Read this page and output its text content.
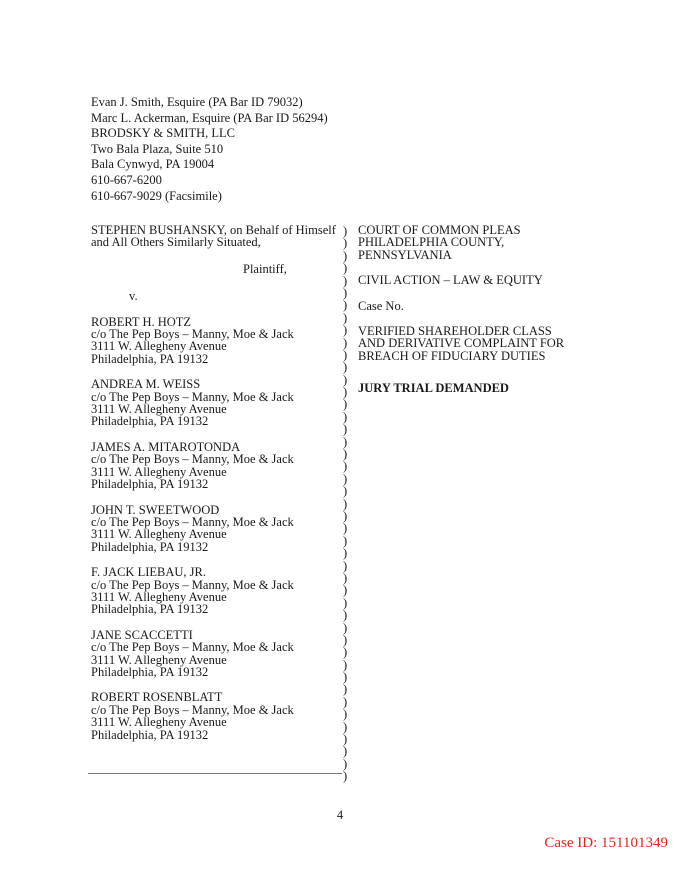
Evan J. Smith, Esquire (PA Bar ID 79032)
Marc L. Ackerman, Esquire (PA Bar ID 56294)
BRODSKY & SMITH, LLC
Two Bala Plaza, Suite 510
Bala Cynwyd, PA 19004
610-667-6200
610-667-9029 (Facsimile)
STEPHEN BUSHANSKY, on Behalf of Himself
and All Others Similarly Situated,
Plaintiff,
v.
ROBERT H. HOTZ
c/o The Pep Boys – Manny, Moe & Jack
3111 W. Allegheny Avenue
Philadelphia, PA 19132
ANDREA M. WEISS
c/o The Pep Boys – Manny, Moe & Jack
3111 W. Allegheny Avenue
Philadelphia, PA 19132
JAMES A. MITAROTONDA
c/o The Pep Boys – Manny, Moe & Jack
3111 W. Allegheny Avenue
Philadelphia, PA 19132
JOHN T. SWEETWOOD
c/o The Pep Boys – Manny, Moe & Jack
3111 W. Allegheny Avenue
Philadelphia, PA 19132
F. JACK LIEBAU, JR.
c/o The Pep Boys – Manny, Moe & Jack
3111 W. Allegheny Avenue
Philadelphia, PA 19132
JANE SCACCETTI
c/o The Pep Boys – Manny, Moe & Jack
3111 W. Allegheny Avenue
Philadelphia, PA 19132
ROBERT ROSENBLATT
c/o The Pep Boys – Manny, Moe & Jack
3111 W. Allegheny Avenue
Philadelphia, PA 19132
)
)
)
)
)
)
)
)
)
)
)
)
)
)
)
)
)
)
)
)
)
)
)
)
)
)
)
)
)
)
)
)
)
)
)
)
)
)
)
)
)
)
)
)
)
COURT OF COMMON PLEAS
PHILADELPHIA COUNTY,
PENNSYLVANIA
CIVIL ACTION – LAW & EQUITY
Case No.
VERIFIED SHAREHOLDER CLASS
AND DERIVATIVE COMPLAINT FOR
BREACH OF FIDUCIARY DUTIES
JURY TRIAL DEMANDED
4
Case ID: 151101349
